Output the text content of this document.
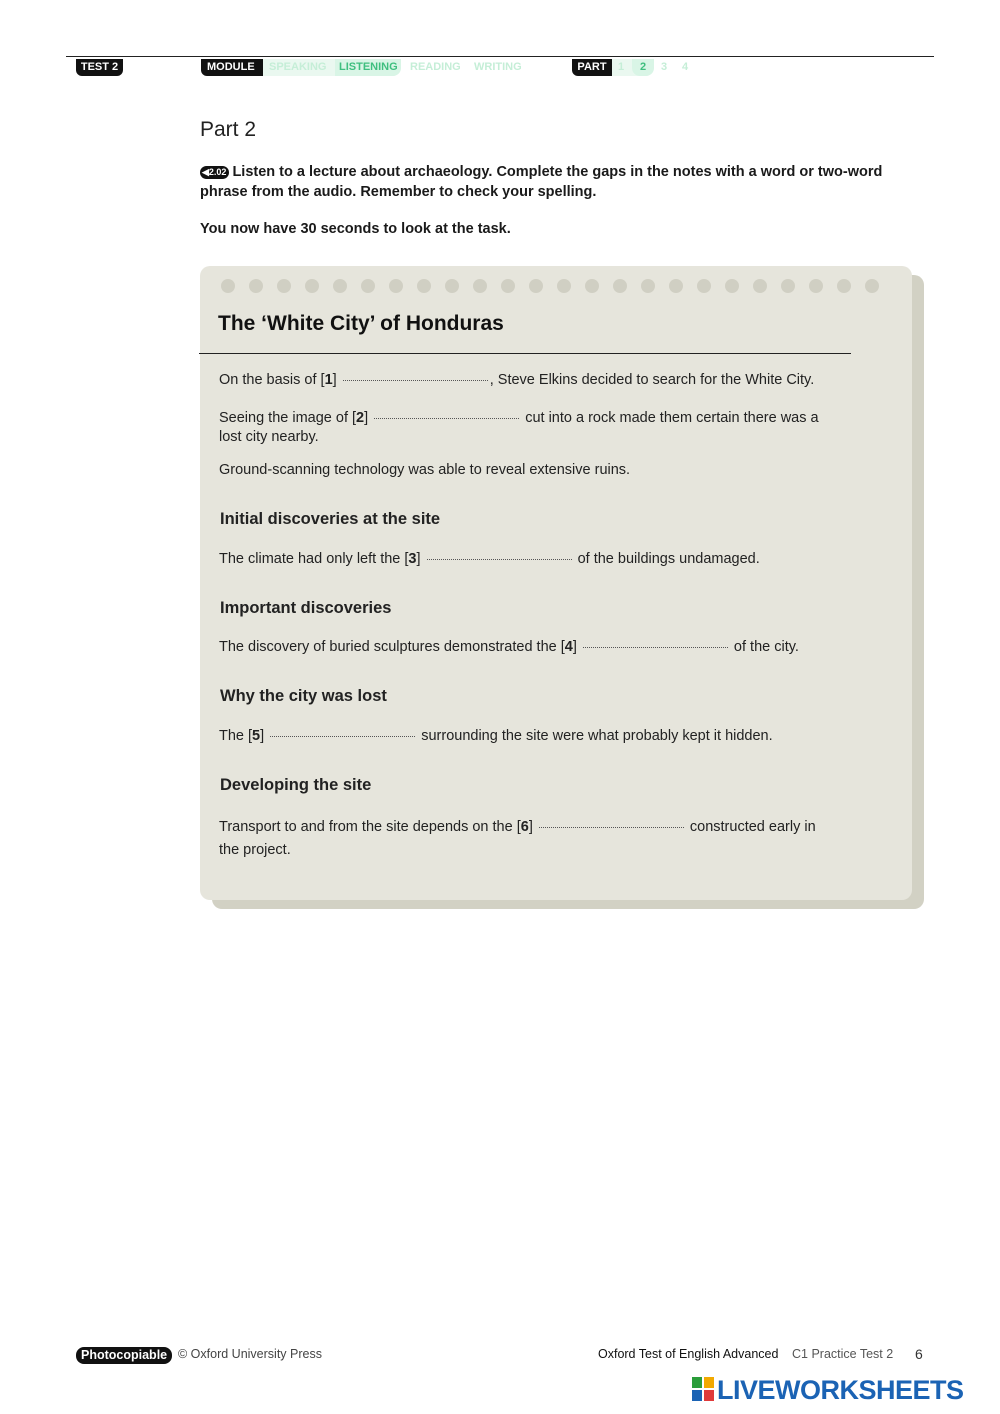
TEST 2	MODULE	SPEAKING	LISTENING	READING WRITING	PART	1	2	3	4
Part 2
◀2.02 Listen to a lecture about archaeology. Complete the gaps in the notes with a word or two-word phrase from the audio. Remember to check your spelling.
You now have 30 seconds to look at the task.
The ‘White City’ of Honduras
On the basis of [1]	, Steve Elkins decided to search for the White City.
Seeing the image of [2]	cut into a rock made them certain there was a lost city nearby.
Ground-scanning technology was able to reveal extensive ruins.
Initial discoveries at the site
The climate had only left the [3]	of the buildings undamaged.
Important discoveries
The discovery of buried sculptures demonstrated the [4]	of the city.
Why the city was lost
The [5]	surrounding the site were what probably kept it hidden.
Developing the site
Transport to and from the site depends on the [6]	constructed early in the project.
Photocopiable © Oxford University Press	Oxford Test of English Advanced C1 Practice Test 2 6
LIVEWORKSHEETS
